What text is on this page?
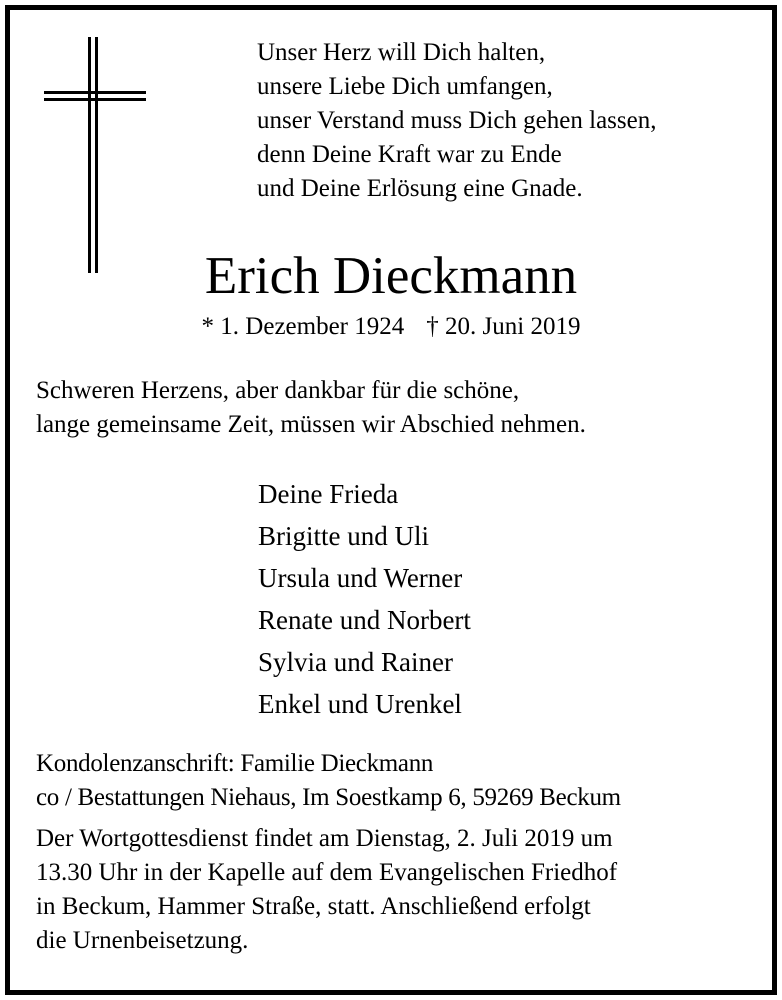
Unser Herz will Dich halten,
unsere Liebe Dich umfangen,
unser Verstand muss Dich gehen lassen,
denn Deine Kraft war zu Ende
und Deine Erlösung eine Gnade.
Erich Dieckmann
* 1. Dezember 1924 † 20. Juni 2019
Schweren Herzens, aber dankbar für die schöne,
lange gemeinsame Zeit, müssen wir Abschied nehmen.
Deine Frieda
Brigitte und Uli
Ursula und Werner
Renate und Norbert
Sylvia und Rainer
Enkel und Urenkel
Kondolenzanschrift: Familie Dieckmann
co / Bestattungen Niehaus, Im Soestkamp 6, 59269 Beckum
Der Wortgottesdienst findet am Dienstag, 2. Juli 2019 um
13.30 Uhr in der Kapelle auf dem Evangelischen Friedhof
in Beckum, Hammer Straße, statt. Anschließend erfolgt
die Urnenbeisetzung.
